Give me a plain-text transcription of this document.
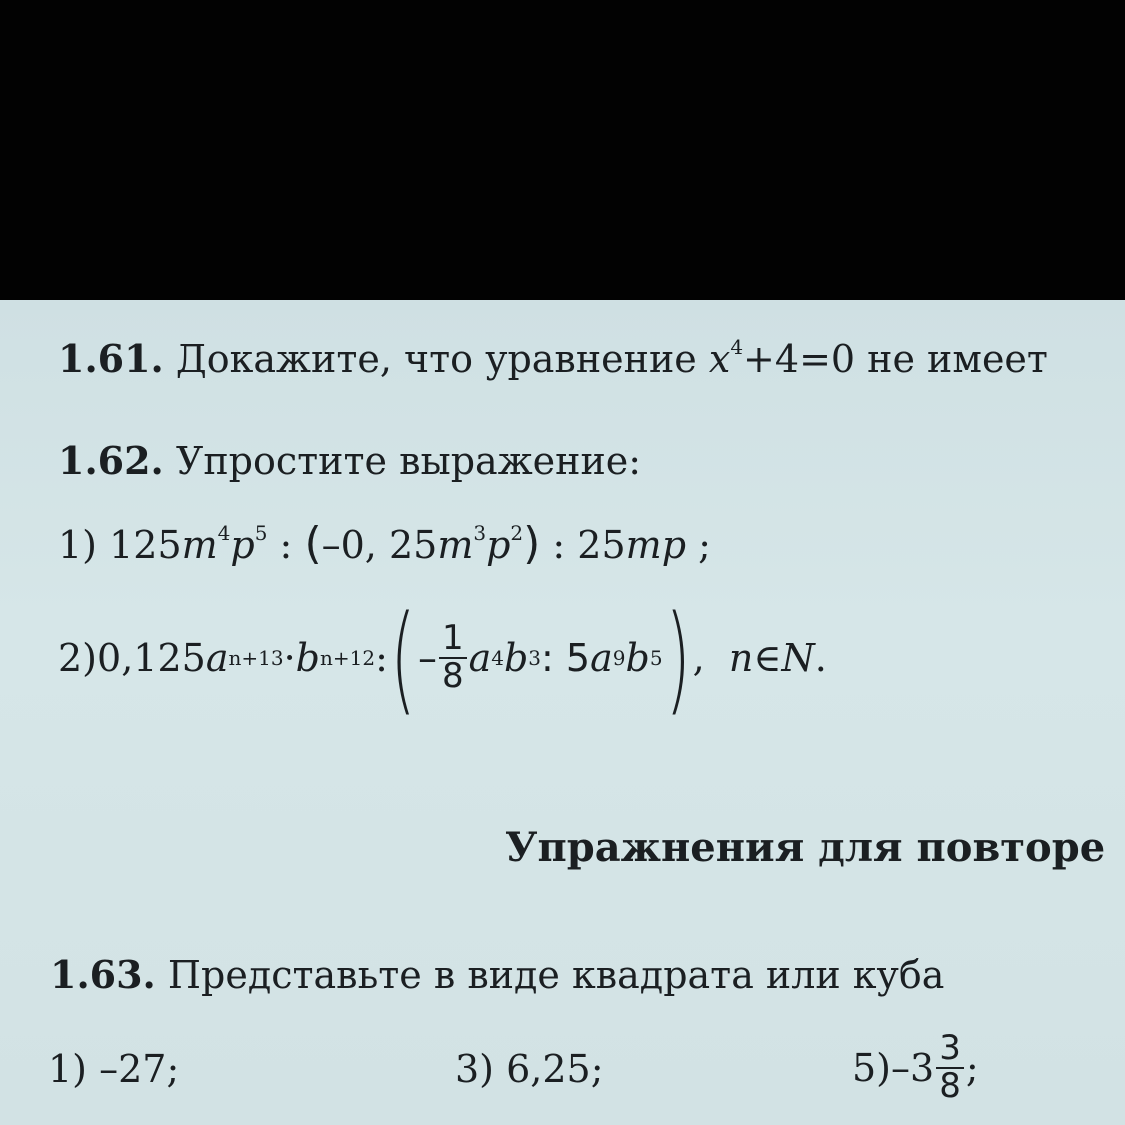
1.61. Докажите, что уравнение $x^4+4=0$ не имеет
1.62. Упростите выражение:
1) $125m^4p^5$ : (–0, $25m^3p^2$) : 25mp ;
2) 0,125 a n+13 · b n+12 : ( – $\frac{1}{8}$ a 4 b 3 : 5 a 9 b 5 ) ,
n ∈ N .
Упражнения для повторе
1.63. Представьте в виде квадрата или куба
1) –27;	3) 6,25;	5) $-3 \frac{3}{8}$ ;
